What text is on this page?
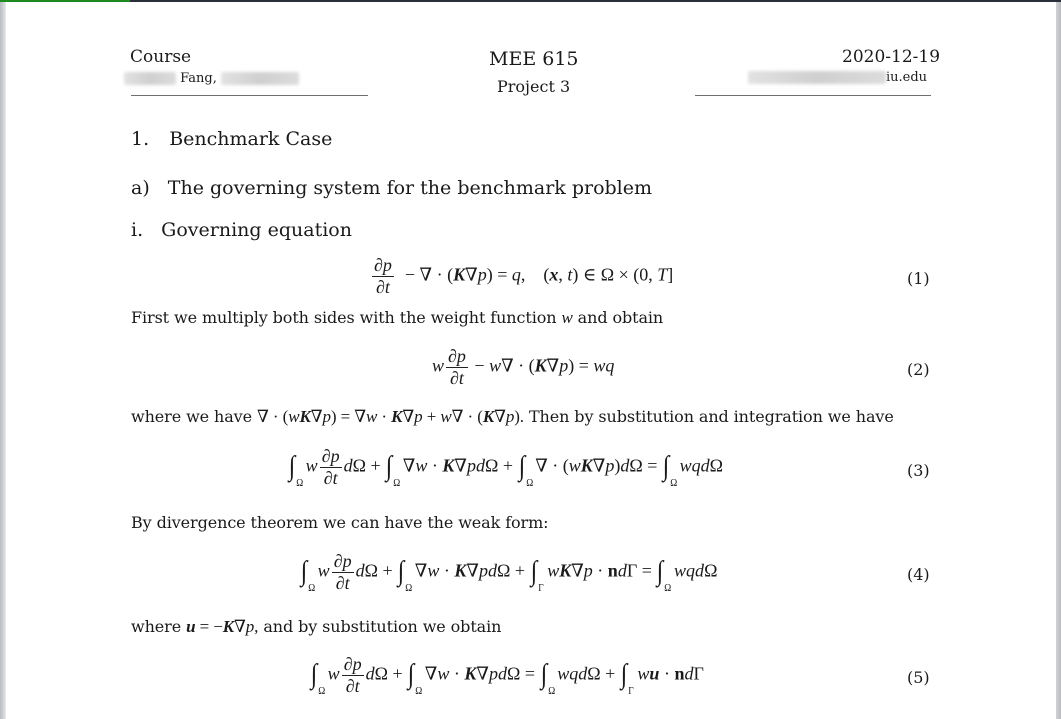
Course
Fang,
MEE 615
Project 3
2020-12-19
iu.edu
1. Benchmark Case
a) The governing system for the benchmark problem
i. Governing equation
$\frac{\partial p}{\partial t}$ − ∇ · (K∇p) = q,    (x, t) ∈ Ω × (0, T]	(1)
First we multiply both sides with the weight function w and obtain
w $\frac{\partial p}{\partial t} - w\nabla \cdot (K\nabla p)$ = wq	(2)
where we have ∇ · (wK∇p) = ∇w · K∇p + w∇ · (K∇p). Then by substitution and integration we have
∫
Ω
w $\frac{\partial p}{\partial t}$ dΩ + ∫
Ω
∇w · K∇pdΩ + ∫
Ω
∇ · (wK∇p)dΩ = ∫
Ω
wqdΩ	(3)
By divergence theorem we can have the weak form:
∫
Ω
w $\frac{\partial p}{\partial t}$ dΩ + ∫
Ω
∇w · K∇pdΩ + ∫
Γ
wK∇p · ndΓ = ∫
Ω
wqdΩ	(4)
where u = −K∇p, and by substitution we obtain
∫
Ω
w $\frac{\partial p}{\partial t}$ dΩ + ∫
Ω
∇w · K∇pdΩ = ∫
Ω
wqdΩ + ∫
Γ
wu · ndΓ	(5)
